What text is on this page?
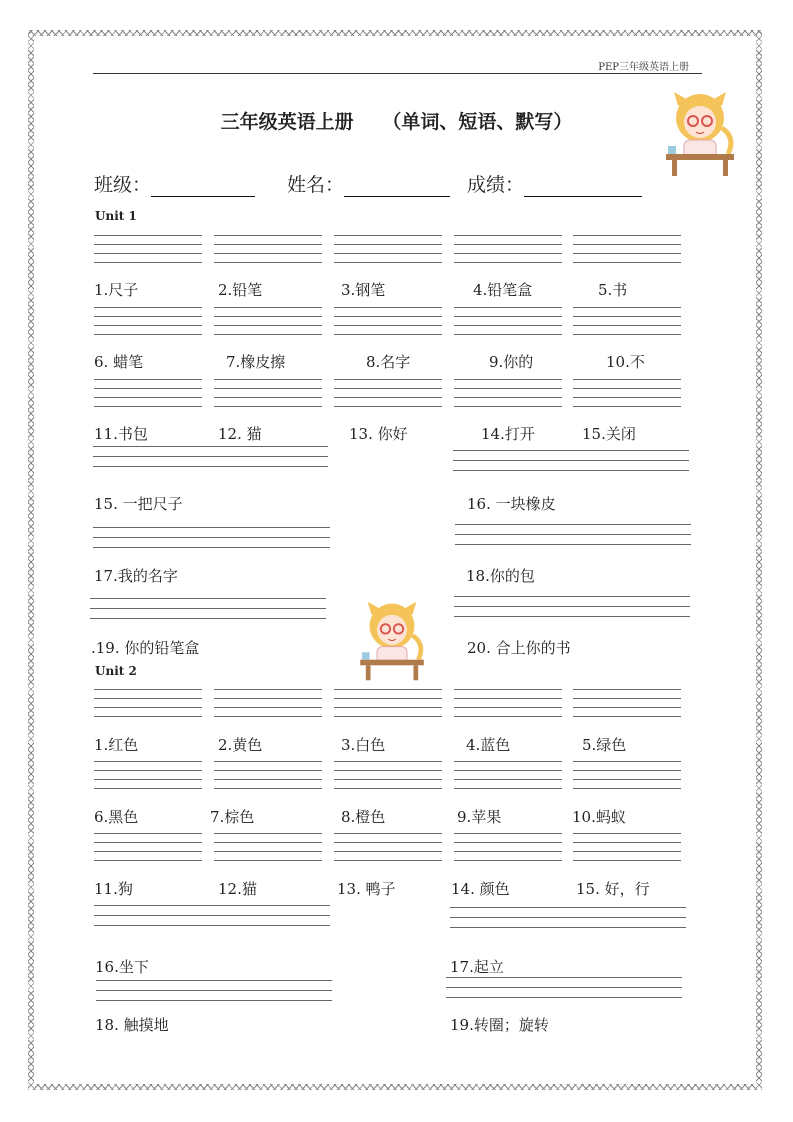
PEP三年级英语上册
三年级英语上册 （单词、短语、默写）
班级：	姓名：	成绩：
Unit 1
Unit 2
1.尺子	2.铅笔	3.钢笔	4.铅笔盒	5.书
6. 蜡笔	7.橡皮擦	8.名字	9.你的	10.不
11.书包	12. 猫	13. 你好	14.打开	15.关闭
15. 一把尺子	16. 一块橡皮
17.我的名字	18.你的包
.19. 你的铅笔盒	20. 合上你的书
1.红色	2.黄色	3.白色	4.蓝色	5.绿色
6.黑色	7.棕色	8.橙色	9.苹果	10.蚂蚁
11.狗	12.猫	13. 鸭子	14. 颜色	15. 好，行
16.坐下	17.起立
18. 触摸地	19.转圈；旋转
